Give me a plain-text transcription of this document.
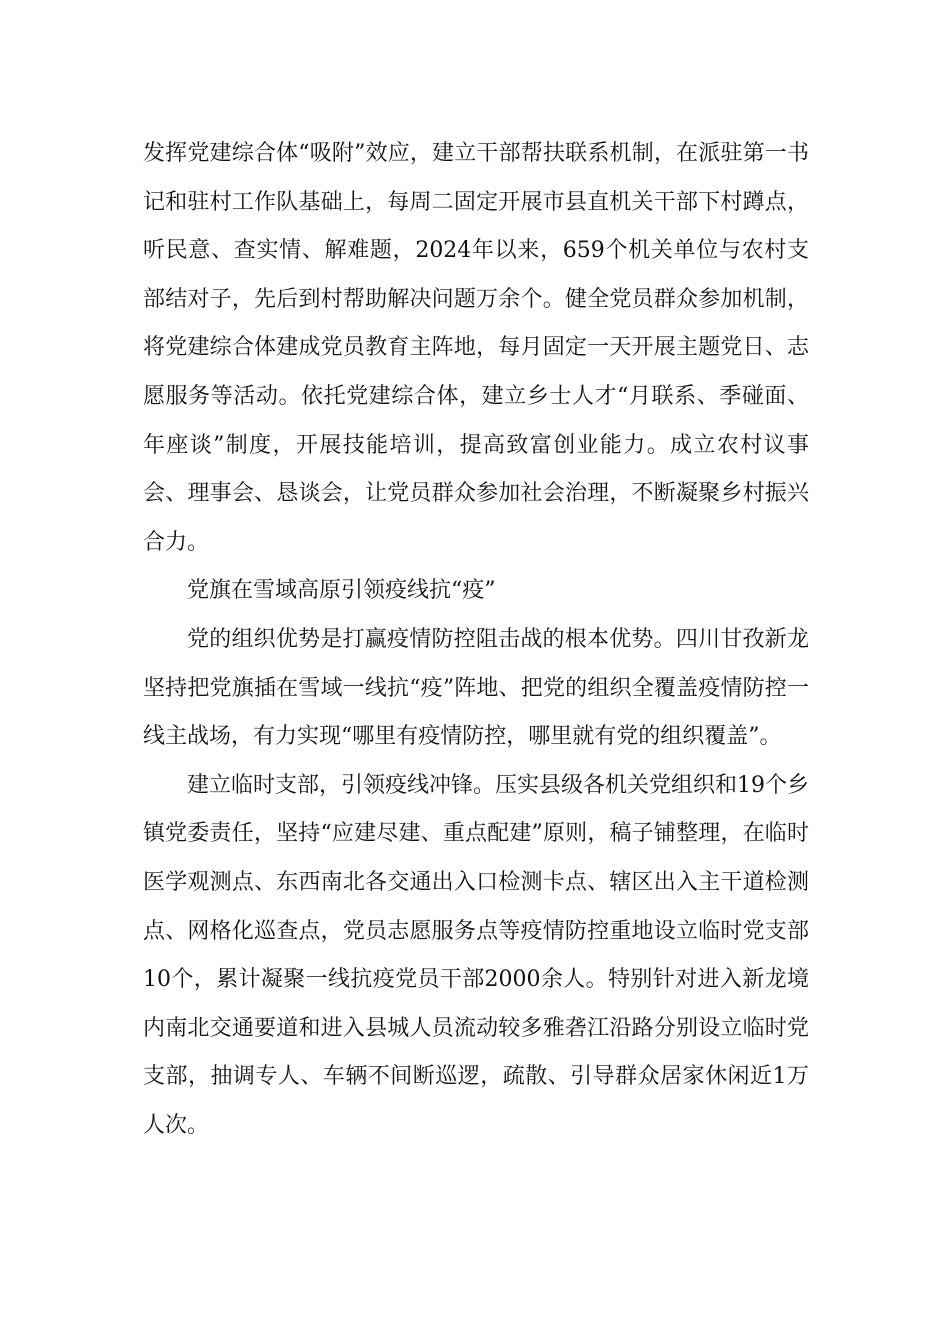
发挥党建综合体“吸附”效应，建立干部帮扶联系机制，在派驻第一书记和驻村工作队基础上，每周二固定开展市县直机关干部下村蹲点，听民意、查实情、解难题，2024年以来，659个机关单位与农村支部结对子，先后到村帮助解决问题万余个。健全党员群众参加机制，将党建综合体建成党员教育主阵地，每月固定一天开展主题党日、志愿服务等活动。依托党建综合体，建立乡士人才“月联系、季碰面、年座谈”制度，开展技能培训，提高致富创业能力。成立农村议事会、理事会、恳谈会，让党员群众参加社会治理，不断凝聚乡村振兴合力。

党旗在雪域高原引领疫线抗“疫”

党的组织优势是打赢疫情防控阻击战的根本优势。四川甘孜新龙坚持把党旗插在雪域一线抗“疫”阵地、把党的组织全覆盖疫情防控一线主战场，有力实现“哪里有疫情防控，哪里就有党的组织覆盖”。

建立临时支部，引领疫线冲锋。压实县级各机关党组织和19个乡镇党委责任，坚持“应建尽建、重点配建”原则，稿子铺整理，在临时医学观测点、东西南北各交通出入口检测卡点、辖区出入主干道检测点、网格化巡查点，党员志愿服务点等疫情防控重地设立临时党支部10个，累计凝聚一线抗疫党员干部2000余人。特别针对进入新龙境内南北交通要道和进入县城人员流动较多雅砻江沿路分别设立临时党支部，抽调专人、车辆不间断巡逻，疏散、引导群众居家休闲近1万人次。
